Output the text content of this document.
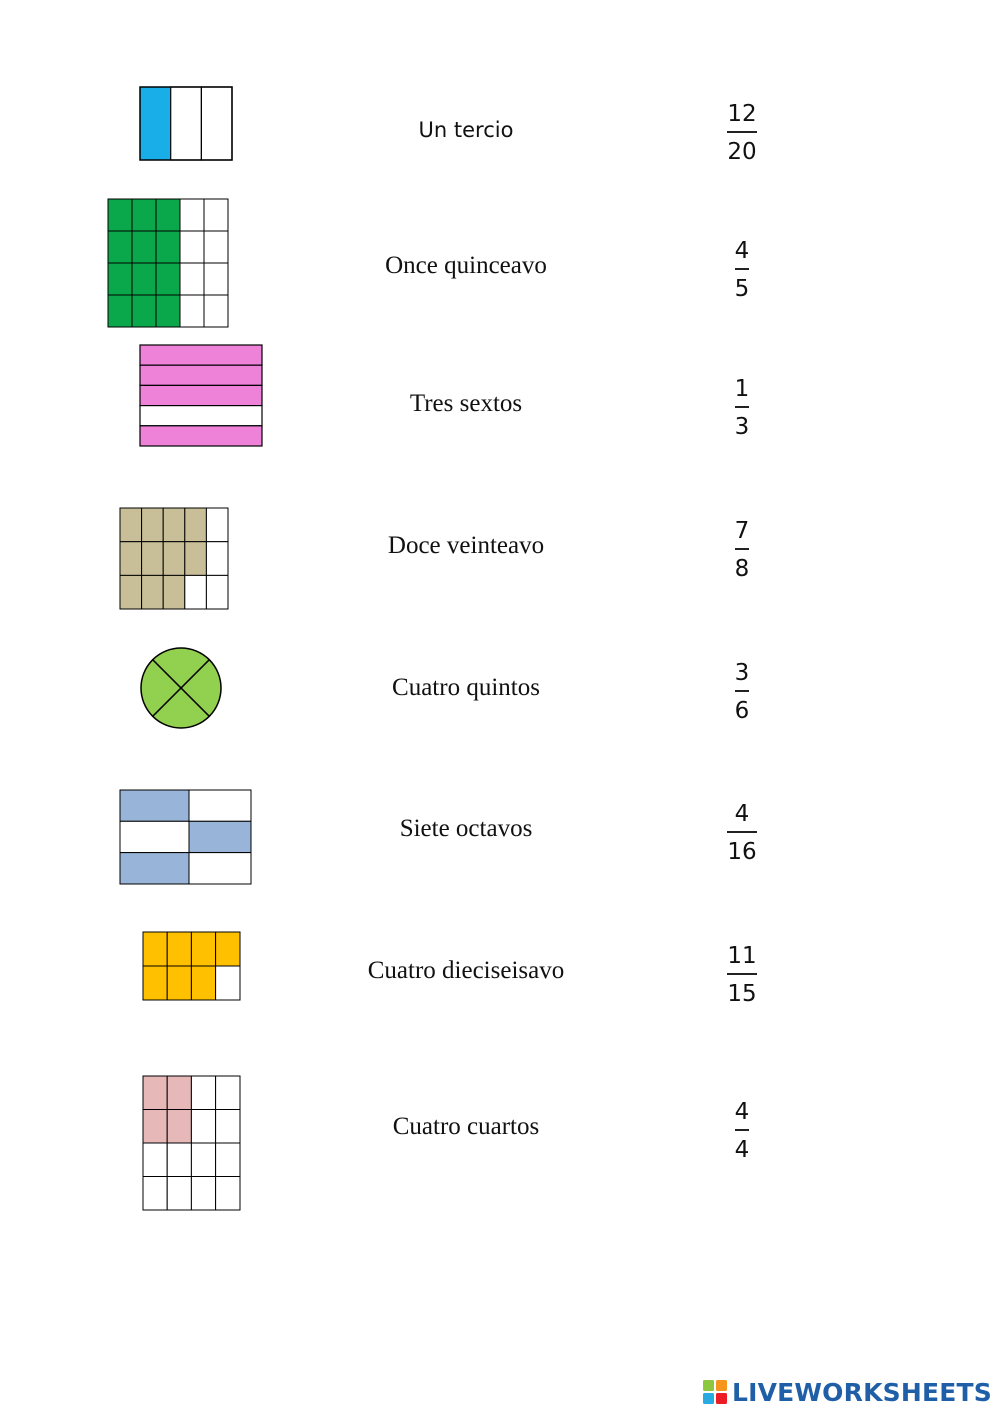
Un tercio
12
20
Once quinceavo
4
5
Tres sextos
1
3
Doce veinteavo
7
8
Cuatro quintos
3
6
Siete octavos
4
16
Cuatro dieciseisavo
11
15
Cuatro cuartos
4
4
LIVEWORKSHEETS
